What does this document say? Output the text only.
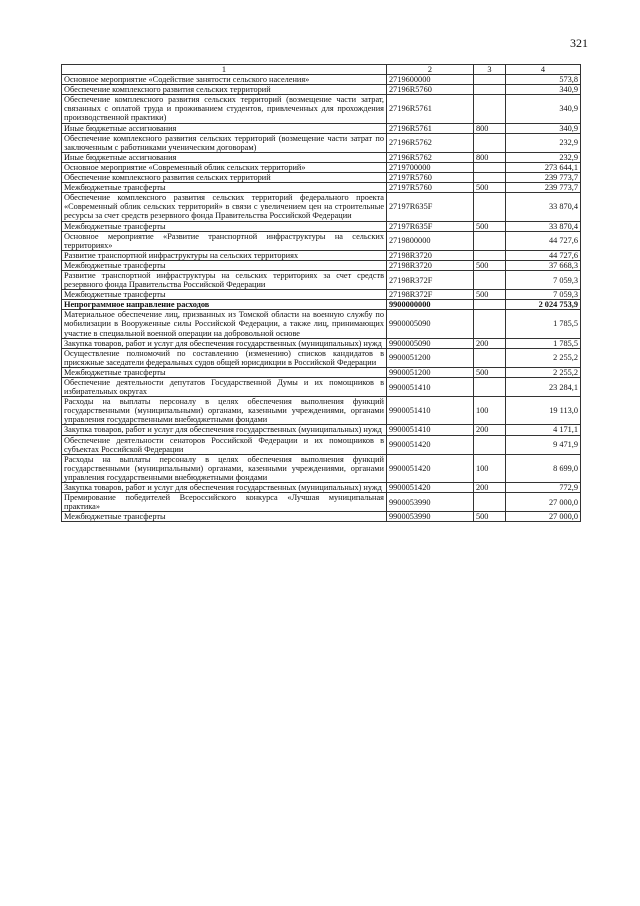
321
1	2	3	4
Основное мероприятие «Содействие занятости сельского населения»	2719600000		573,8
Обеспечение комплексного развития сельских территорий	27196R5760		340,9
Обеспечение комплексного развития сельских территорий (возмещение части затрат, связанных с оплатой труда и проживанием студентов, привлеченных для прохождения производственной практики)	27196R5761		340,9
Иные бюджетные ассигнования	27196R5761	800	340,9
Обеспечение комплексного развития сельских территорий (возмещение части затрат по заключенным с работниками ученическим договорам)	27196R5762		232,9
Иные бюджетные ассигнования	27196R5762	800	232,9
Основное мероприятие «Современный облик сельских территорий»	2719700000		273 644,1
Обеспечение комплексного развития сельских территорий	27197R5760		239 773,7
Межбюджетные трансферты	27197R5760	500	239 773,7
Обеспечение комплексного развития сельских территорий федерального проекта «Современный облик сельских территорий» в связи с увеличением цен на строительные ресурсы за счет средств резервного фонда Правительства Российской Федерации	27197R635F		33 870,4
Межбюджетные трансферты	27197R635F	500	33 870,4
Основное мероприятие «Развитие транспортной инфраструктуры на сельских территориях»	2719800000		44 727,6
Развитие транспортной инфраструктуры на сельских территориях	27198R3720		44 727,6
Межбюджетные трансферты	27198R3720	500	37 668,3
Развитие транспортной инфраструктуры на сельских территориях за счет средств резервного фонда Правительства Российской Федерации	27198R372F		7 059,3
Межбюджетные трансферты	27198R372F	500	7 059,3
Непрограммное направление расходов	9900000000		2 024 753,9
Материальное обеспечение лиц, призванных из Томской области на военную службу по мобилизации в Вооруженные силы Российской Федерации, а также лиц, принимающих участие в специальной военной операции на добровольной основе	9900005090		1 785,5
Закупка товаров, работ и услуг для обеспечения государственных (муниципальных) нужд	9900005090	200	1 785,5
Осуществление полномочий по составлению (изменению) списков кандидатов в присяжные заседатели федеральных судов общей юрисдикции в Российской Федерации	9900051200		2 255,2
Межбюджетные трансферты	9900051200	500	2 255,2
Обеспечение деятельности депутатов Государственной Думы и их помощников в избирательных округах	9900051410		23 284,1
Расходы на выплаты персоналу в целях обеспечения выполнения функций государственными (муниципальными) органами, казенными учреждениями, органами управления государственными внебюджетными фондами	9900051410	100	19 113,0
Закупка товаров, работ и услуг для обеспечения государственных (муниципальных) нужд	9900051410	200	4 171,1
Обеспечение деятельности сенаторов Российской Федерации и их помощников в субъектах Российской Федерации	9900051420		9 471,9
Расходы на выплаты персоналу в целях обеспечения выполнения функций государственными (муниципальными) органами, казенными учреждениями, органами управления государственными внебюджетными фондами	9900051420	100	8 699,0
Закупка товаров, работ и услуг для обеспечения государственных (муниципальных) нужд	9900051420	200	772,9
Премирование победителей Всероссийского конкурса «Лучшая муниципальная практика»	9900053990		27 000,0
Межбюджетные трансферты	9900053990	500	27 000,0
